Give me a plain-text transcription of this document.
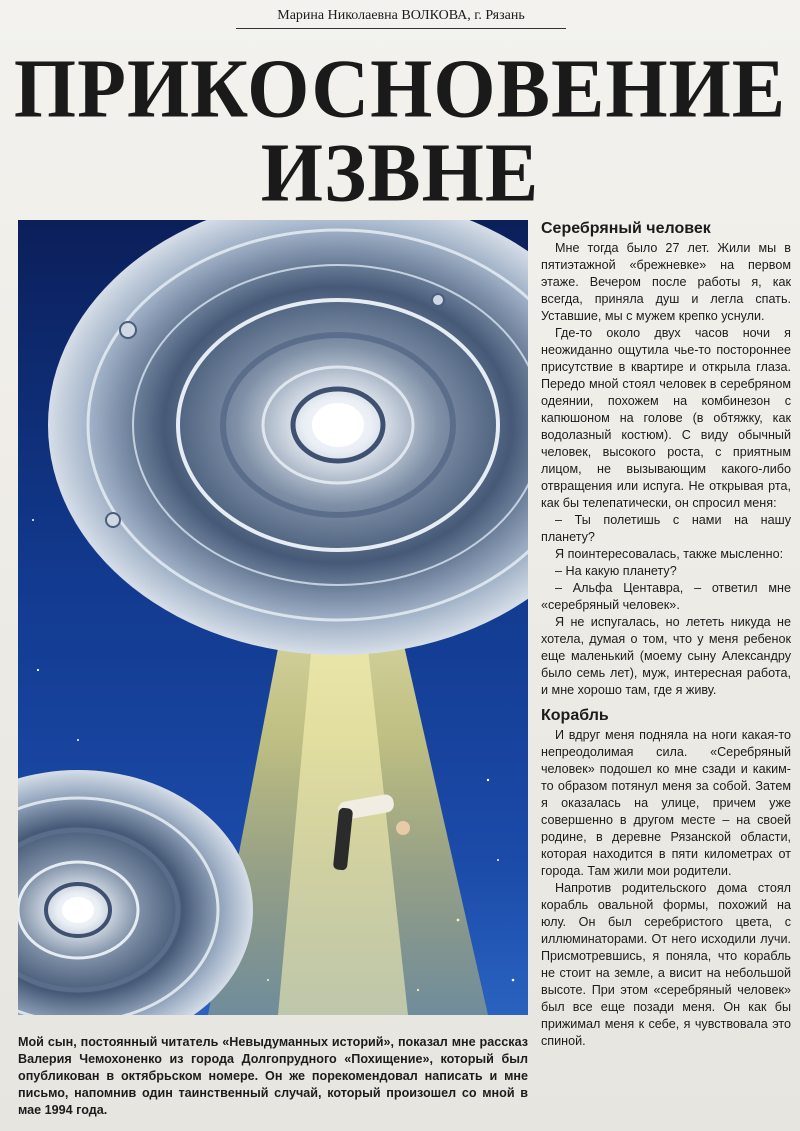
Марина Николаевна ВОЛКОВА, г. Рязань
ПРИКОСНОВЕНИЕ
ИЗВНЕ
Мой сын, постоянный читатель «Невыдуманных историй», показал мне рассказ Валерия Чемохоненко из города Долгопрудного «Похищение», который был опубликован в октябрьском номере. Он же порекомендовал написать и мне письмо, напомнив один таинственный случай, который произошел со мной в мае 1994 года.
Серебряный человек

Мне тогда было 27 лет. Жили мы в пятиэтажной «брежневке» на первом этаже. Вечером после работы я, как всегда, приняла душ и легла спать. Уставшие, мы с мужем крепко уснули.

Где-то около двух часов ночи я неожиданно ощутила чье-то постороннее присутствие в квартире и открыла глаза. Передо мной стоял человек в серебряном одеянии, похожем на комбинезон с капюшоном на голове (в обтяжку, как водолазный костюм). С виду обычный человек, высокого роста, с приятным лицом, не вызывающим какого-либо отвращения или испуга. Не открывая рта, как бы телепатически, он спросил меня:

– Ты полетишь с нами на нашу планету?

Я поинтересовалась, также мысленно:

– На какую планету?

– Альфа Центавра, – ответил мне «серебряный человек».

Я не испугалась, но лететь никуда не хотела, думая о том, что у меня ребенок еще маленький (моему сыну Александру было семь лет), муж, интересная работа, и мне хорошо там, где я живу.

Корабль

И вдруг меня подняла на ноги какая-то непреодолимая сила. «Серебряный человек» подошел ко мне сзади и каким-то образом потянул меня за собой. Затем я оказалась на улице, причем уже совершенно в другом месте – на своей родине, в деревне Рязанской области, которая находится в пяти километрах от города. Там жили мои родители.

Напротив родительского дома стоял корабль овальной формы, похожий на юлу. Он был серебристого цвета, с иллюминаторами. От него исходили лучи. Присмотревшись, я поняла, что корабль не стоит на земле, а висит на небольшой высоте. При этом «серебряный человек» был все еще позади меня. Он как бы прижимал меня к себе, я чувствовала это спиной.
